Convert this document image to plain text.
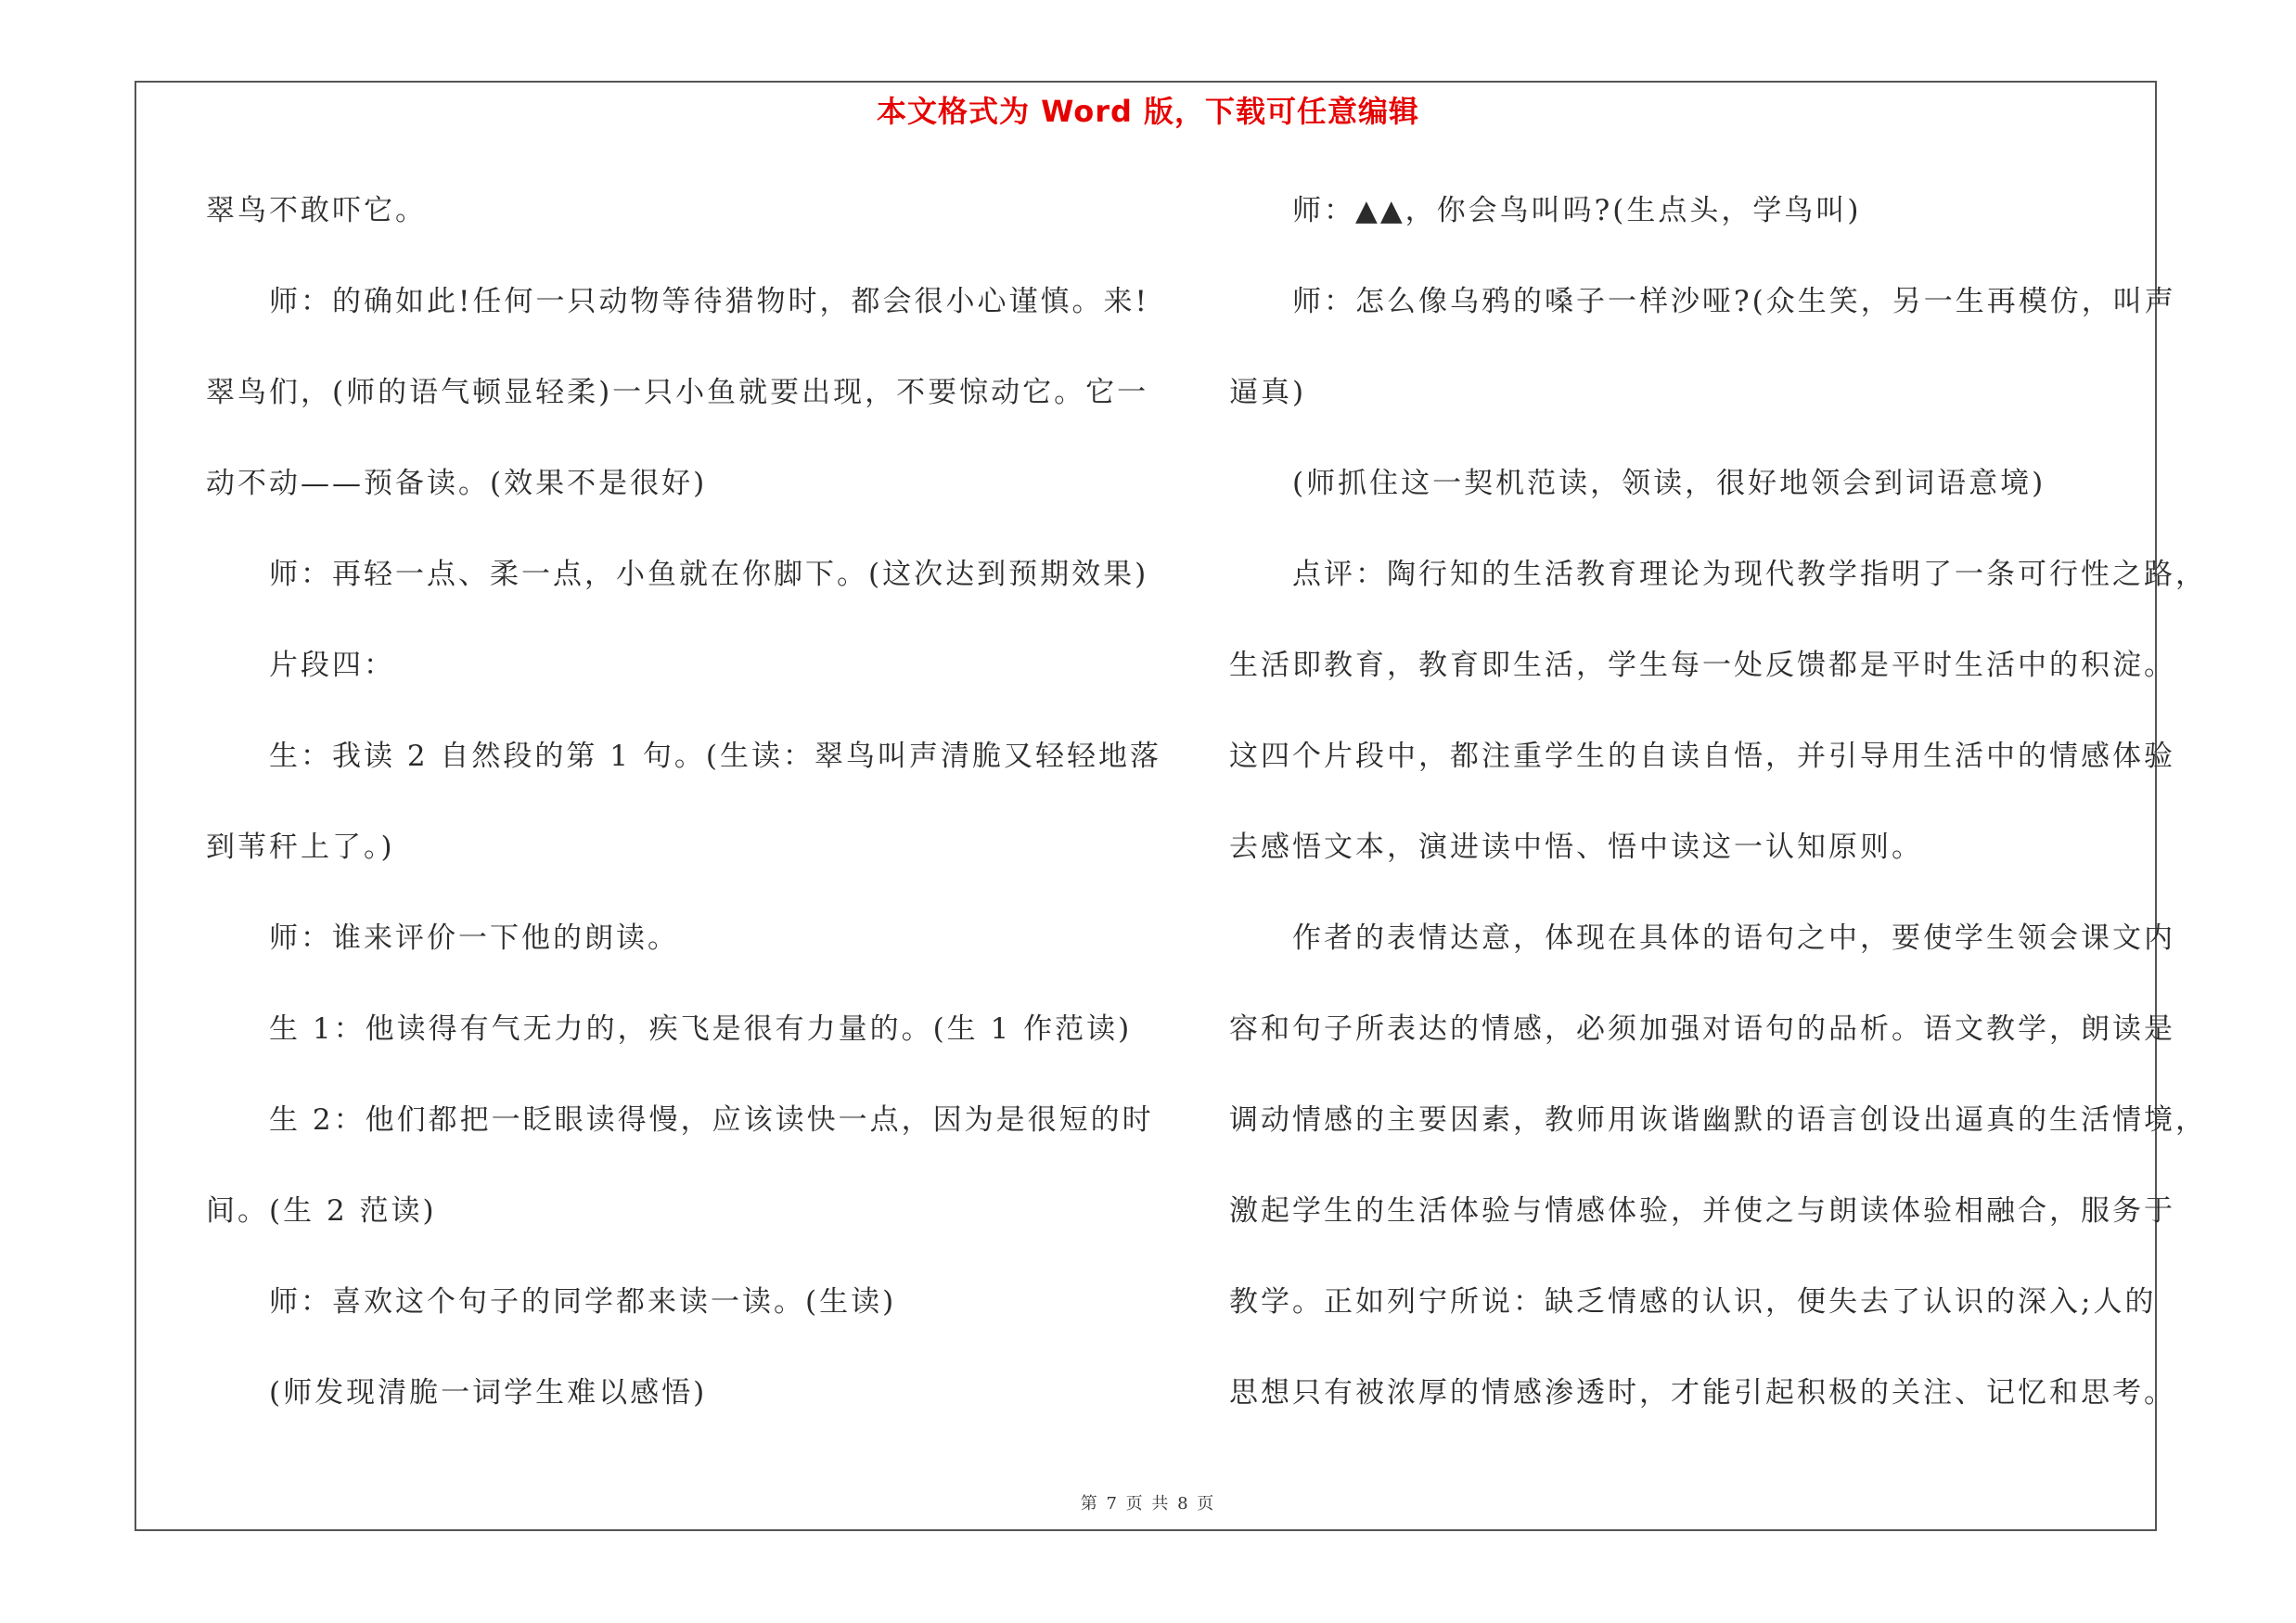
本文格式为 Word 版，下载可任意编辑
翠鸟不敢吓它。
师：的确如此!任何一只动物等待猎物时，都会很小心谨慎。来!
翠鸟们，(师的语气顿显轻柔)一只小鱼就要出现，不要惊动它。它一
动不动——预备读。(效果不是很好)
师：再轻一点、柔一点，小鱼就在你脚下。(这次达到预期效果)
片段四：
生：我读 2 自然段的第 1 句。(生读：翠鸟叫声清脆又轻轻地落
到苇秆上了。)
师：谁来评价一下他的朗读。
生 1：他读得有气无力的，疾飞是很有力量的。(生 1 作范读)
生 2：他们都把一眨眼读得慢，应该读快一点，因为是很短的时
间。(生 2 范读)
师：喜欢这个句子的同学都来读一读。(生读)
(师发现清脆一词学生难以感悟)
师：▲▲，你会鸟叫吗?(生点头，学鸟叫)
师：怎么像乌鸦的嗓子一样沙哑?(众生笑，另一生再模仿，叫声
逼真)
(师抓住这一契机范读，领读，很好地领会到词语意境)
点评：陶行知的生活教育理论为现代教学指明了一条可行性之路，
生活即教育，教育即生活，学生每一处反馈都是平时生活中的积淀。
这四个片段中，都注重学生的自读自悟，并引导用生活中的情感体验
去感悟文本，演进读中悟、悟中读这一认知原则。
作者的表情达意，体现在具体的语句之中，要使学生领会课文内
容和句子所表达的情感，必须加强对语句的品析。语文教学，朗读是
调动情感的主要因素，教师用诙谐幽默的语言创设出逼真的生活情境，
激起学生的生活体验与情感体验，并使之与朗读体验相融合，服务于
教学。正如列宁所说：缺乏情感的认识，便失去了认识的深入;人的
思想只有被浓厚的情感渗透时，才能引起积极的关注、记忆和思考。
第 7 页 共 8 页
